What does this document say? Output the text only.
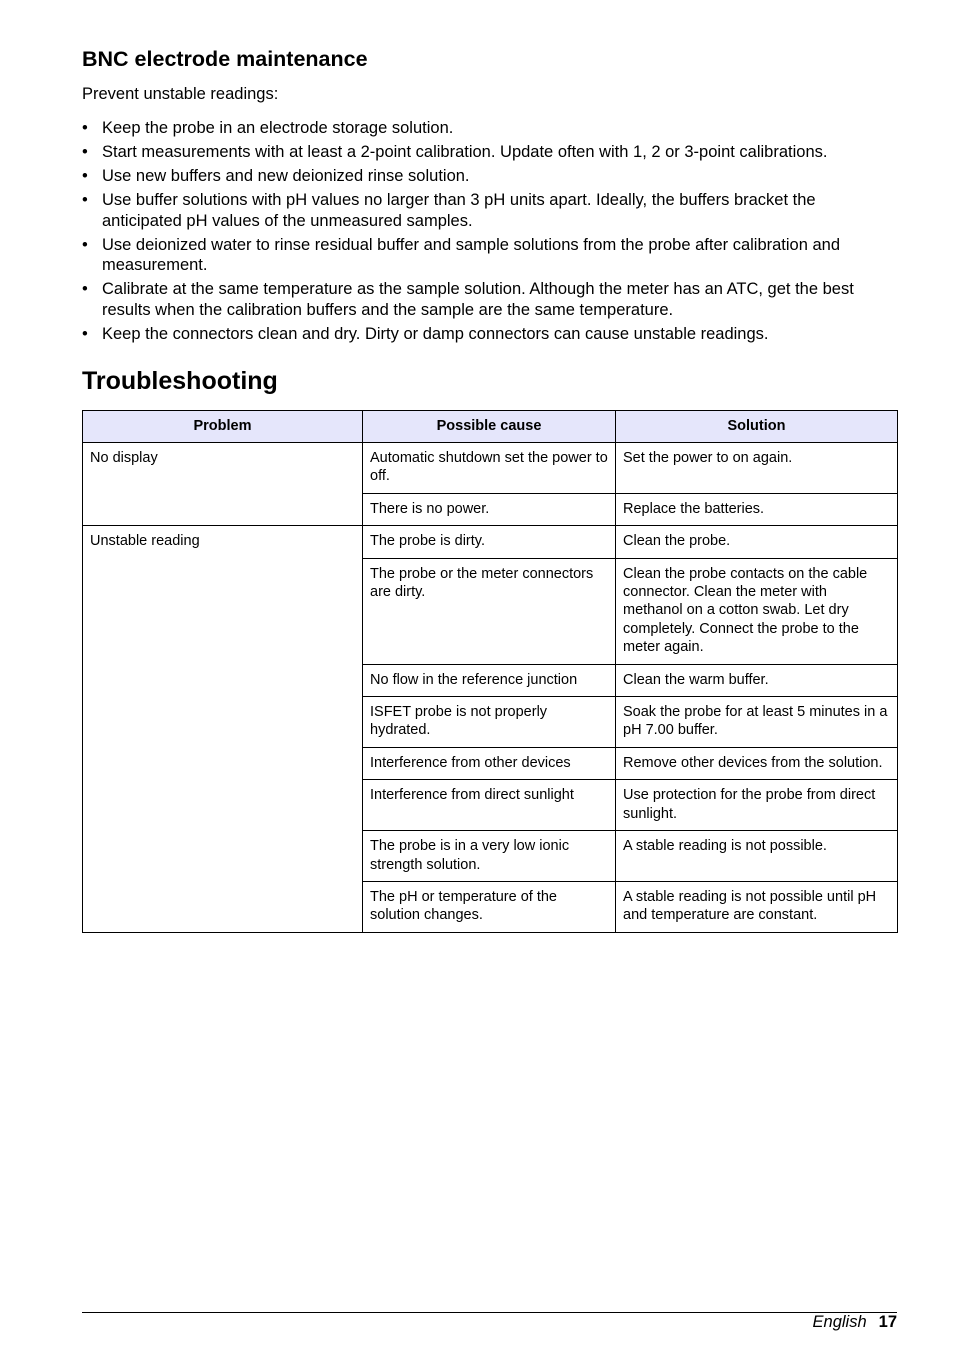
BNC electrode maintenance

Prevent unstable readings:

• Keep the probe in an electrode storage solution.
• Start measurements with at least a 2-point calibration. Update often with 1, 2 or 3-point calibrations.
• Use new buffers and new deionized rinse solution.
• Use buffer solutions with pH values no larger than 3 pH units apart. Ideally, the buffers bracket the anticipated pH values of the unmeasured samples.
• Use deionized water to rinse residual buffer and sample solutions from the probe after calibration and measurement.
• Calibrate at the same temperature as the sample solution. Although the meter has an ATC, get the best results when the calibration buffers and the sample are the same temperature.
• Keep the connectors clean and dry. Dirty or damp connectors can cause unstable readings.
Troubleshooting
Problem	Possible cause	Solution
No display	Automatic shutdown set the power to off.	Set the power to on again.
	There is no power.	Replace the batteries.
Unstable reading	The probe is dirty.	Clean the probe.
	The probe or the meter connectors are dirty.	Clean the probe contacts on the cable connector. Clean the meter with methanol on a cotton swab. Let dry completely. Connect the probe to the meter again.
	No flow in the reference junction	Clean the warm buffer.
	ISFET probe is not properly hydrated.	Soak the probe for at least 5 minutes in a pH 7.00 buffer.
	Interference from other devices	Remove other devices from the solution.
	Interference from direct sunlight	Use protection for the probe from direct sunlight.
	The probe is in a very low ionic strength solution.	A stable reading is not possible.
	The pH or temperature of the solution changes.	A stable reading is not possible until pH and temperature are constant.
English 17
